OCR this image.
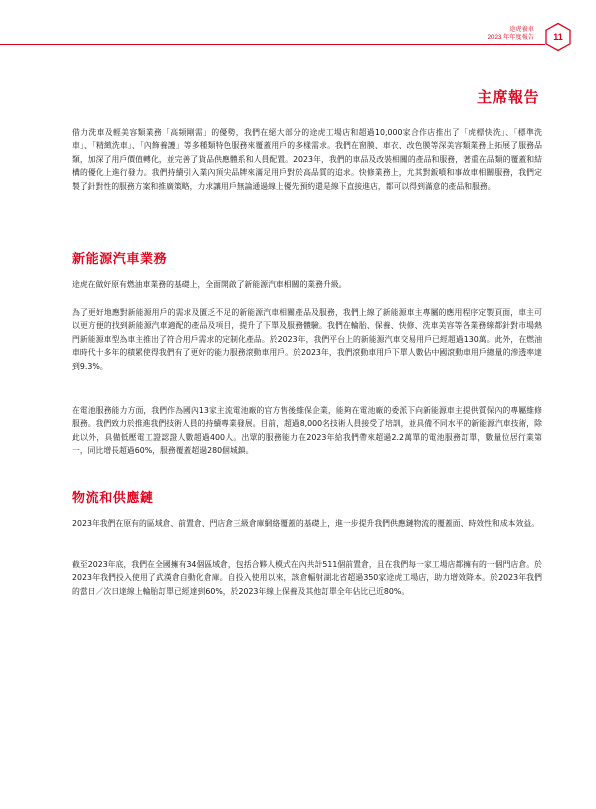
途虎養車
2023 年年度報告	11
主席報告
借力洗車及輕美容類業務「高頻剛需」的優勢，我們在絕大部分的途虎工場店和超過10,000家合作店推出了「虎標快洗」、「標準洗車」、「精緻洗車」、「內飾養護」等多種類特色服務來覆蓋用戶的多樣需求。我們在窗膜、車衣、改色膜等深美容類業務上拓展了服務品類，加深了用戶價值轉化，並完善了貨品供應體系和人員配置。2023年，我們的車品及改裝相關的產品和服務，著重在品類的覆蓋和結構的優化上進行發力。我們持續引入業內頂尖品牌來滿足用戶對於高品質的追求。快修業務上，尤其對鈑噴和事故車相關服務，我們定製了針對性的服務方案和推廣策略，力求讓用戶無論通過線上優先預約還是線下直接進店，都可以得到滿意的產品和服務。
新能源汽車業務
途虎在做好原有燃油車業務的基礎上，全面開啟了新能源汽車相關的業務升級。
為了更好地應對新能源用戶的需求及匱乏不足的新能源汽車相關產品及服務，我們上線了新能源車主專屬的應用程序定製頁面，車主可以更方便的找到新能源汽車適配的產品及項目，提升了下單及服務體驗。我們在輪胎、保養、快修、洗車美容等各業務線都針對市場熱門新能源車型為車主推出了符合用戶需求的定制化產品。於2023年，我們平台上的新能源汽車交易用戶已經超過130萬。此外，在燃油車時代十多年的積累使得我們有了更好的能力服務滾動車用戶。於2023年，我們滾動車用戶下單人數佔中國滾動車用戶總量的滲透率達到9.3%。
在電池服務能力方面，我們作為國內13家主流電池廠的官方售後維保企業，能夠在電池廠的委派下向新能源車主提供質保內的專屬維修服務。我們致力於推進我們技術人員的持續專業發展。目前，超過8,000名技術人員接受了培訓，並具備不同水平的新能源汽車技術，除此以外，具備低壓電工證認證人數超過400人。出眾的服務能力在2023年給我們帶來超過2.2萬單的電池服務訂單，數量位居行業第一，同比增長超過60%，服務覆蓋超過280個城鎮。
物流和供應鏈
2023年我們在原有的區域倉、前置倉、門店倉三級倉庫網絡覆蓋的基礎上，進一步提升我們供應鏈物流的覆蓋面、時效性和成本效益。
截至2023年底，我們在全國擁有34個區域倉，包括合夥人模式在內共計511個前置倉，且在我們每一家工場店都擁有的一個門店倉。於2023年我們投入使用了武漢倉自動化倉庫。自投入使用以來，該倉輻射湖北省超過350家途虎工場店，助力增效降本。於2023年我們的當日／次日達線上輪胎訂單已經達到60%，於2023年線上保養及其他訂單全年佔比已近80%。
